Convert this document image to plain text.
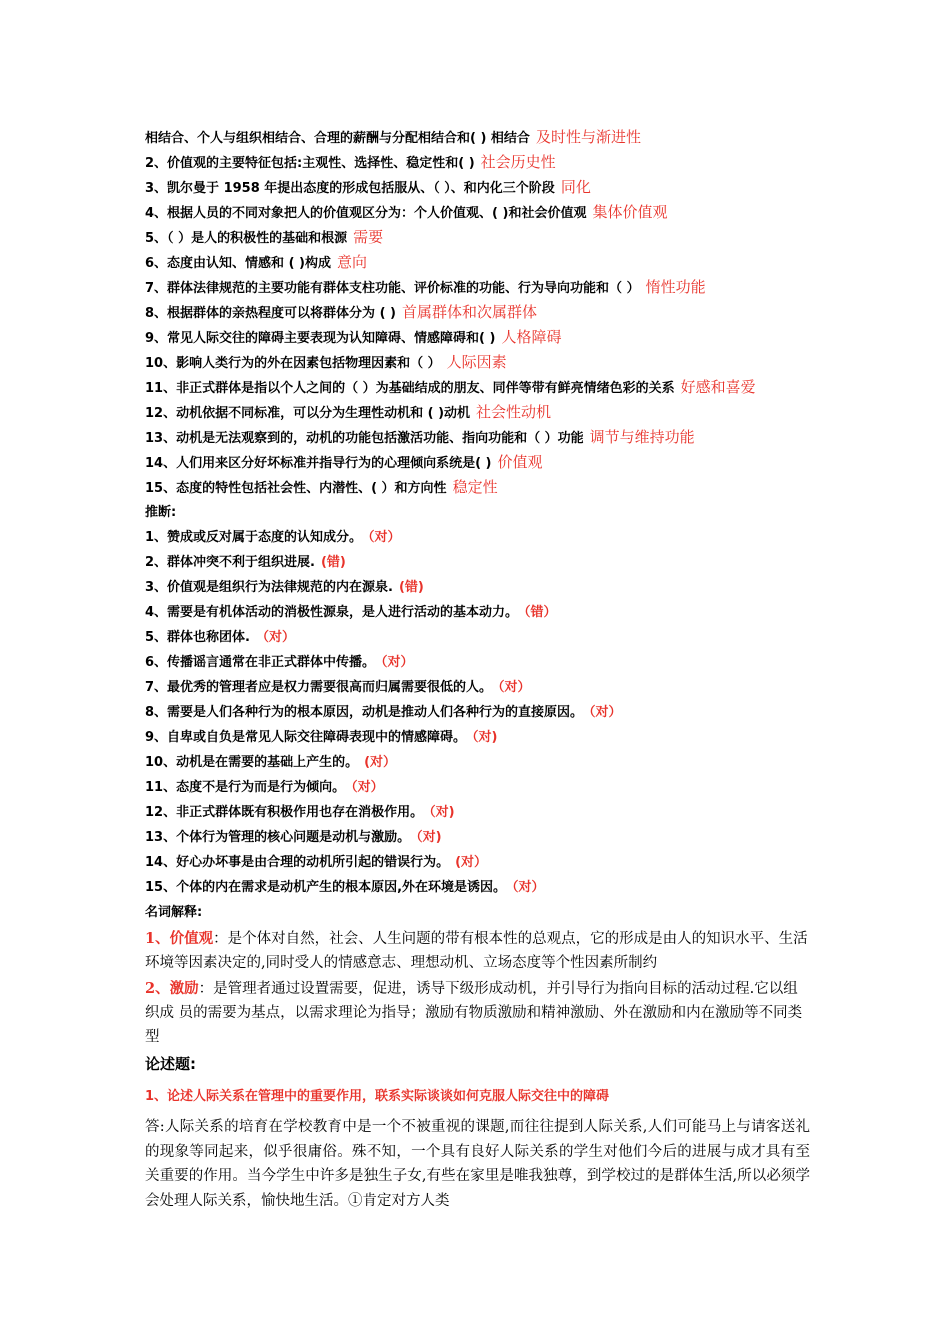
相结合、个人与组织相结合、合理的薪酬与分配相结合和( ) 相结合 及时性与渐进性
2、价值观的主要特征包括:主观性、选择性、稳定性和( ) 社会历史性
3、凯尔曼于 1958 年提出态度的形成包括服从、（ ）、和内化三个阶段 同化
4、根据人员的不同对象把人的价值观区分为：个人价值观、( )和社会价值观 集体价值观
5、（ ）是人的积极性的基础和根源 需要
6、态度由认知、情感和 ( )构成 意向
7、群体法律规范的主要功能有群体支柱功能、评价标准的功能、行为导向功能和（ ） 惰性功能
8、根据群体的亲热程度可以将群体分为 ( ) 首属群体和次属群体
9、常见人际交往的障碍主要表现为认知障碍、情感障碍和( ) 人格障碍
10、影响人类行为的外在因素包括物理因素和（ ） 人际因素
11、非正式群体是指以个人之间的（ ）为基础结成的朋友、同伴等带有鲜亮情绪色彩的关系 好感和喜爱
12、动机依据不同标准，可以分为生理性动机和 ( )动机 社会性动机
13、动机是无法观察到的，动机的功能包括激活功能、指向功能和（ ）功能 调节与维持功能
14、人们用来区分好坏标准并指导行为的心理倾向系统是( ) 价值观
15、态度的特性包括社会性、内潜性、( ）和方向性 稳定性
推断:
1、赞成或反对属于态度的认知成分。 （对）
2、群体冲突不利于组织进展. (错)
3、价值观是组织行为法律规范的内在源泉. (错)
4、需要是有机体活动的消极性源泉，是人进行活动的基本动力。 （错）
5、群体也称团体. （对）
6、传播谣言通常在非正式群体中传播。 （对）
7、最优秀的管理者应是权力需要很高而归属需要很低的人。 （对）
8、需要是人们各种行为的根本原因，动机是推动人们各种行为的直接原因。 （对）
9、自卑或自负是常见人际交往障碍表现中的情感障碍。 （对)
10、动机是在需要的基础上产生的。 (对）
11、态度不是行为而是行为倾向。 （对）
12、非正式群体既有积极作用也存在消极作用。 （对)
13、个体行为管理的核心问题是动机与激励。 （对)
14、好心办坏事是由合理的动机所引起的错误行为。 (对）
15、个体的内在需求是动机产生的根本原因,外在环境是诱因。 （对）
名词解释:
1、价值观：是个体对自然，社会、人生问题的带有根本性的总观点，它的形成是由人的知识水平、生活环境等因素决定的,同时受人的情感意志、理想动机、立场态度等个性因素所制约
2、激励：是管理者通过设置需要，促进，诱导下级形成动机，并引导行为指向目标的活动过程.它以组织成 员的需要为基点，以需求理论为指导；激励有物质激励和精神激励、外在激励和内在激励等不同类型
论述题:
1、论述人际关系在管理中的重要作用，联系实际谈谈如何克服人际交往中的障碍
答:人际关系的培育在学校教育中是一个不被重视的课题,而往往提到人际关系,人们可能马上与请客送礼的现象等同起来，似乎很庸俗。殊不知，一个具有良好人际关系的学生对他们今后的进展与成才具有至关重要的作用。当今学生中许多是独生子女,有些在家里是唯我独尊，到学校过的是群体生活,所以必须学会处理人际关系，愉快地生活。①肯定对方人类
